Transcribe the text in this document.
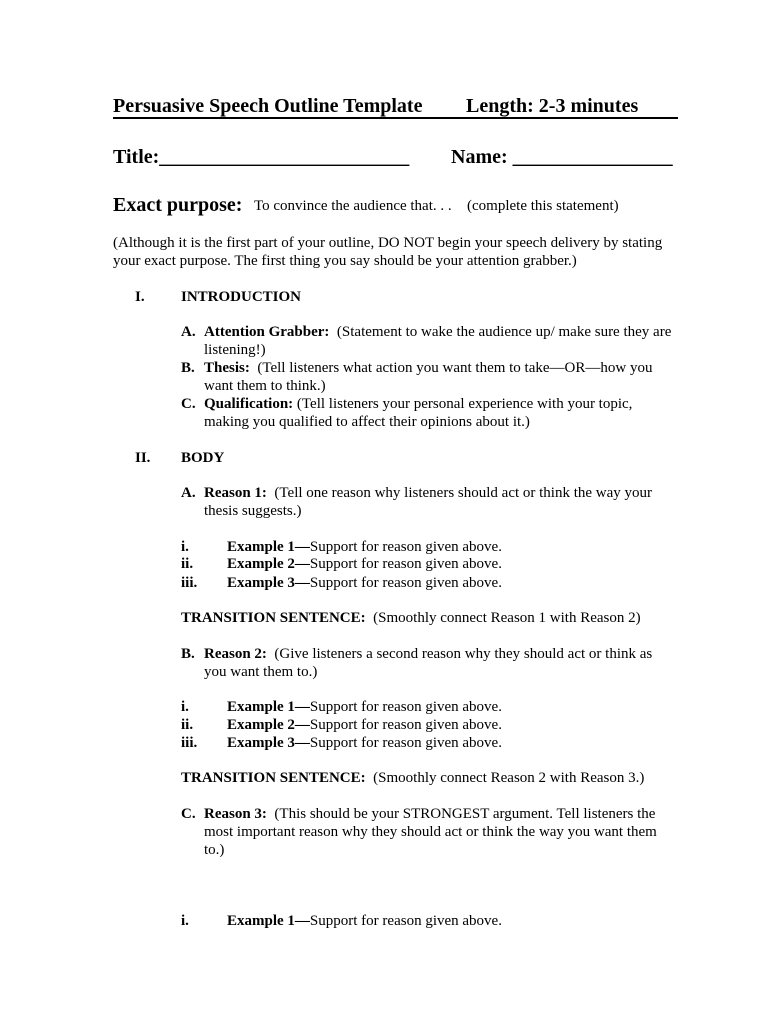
Persuasive Speech Outline Template Length: 2-3 minutes
Title:_________________________ Name: ________________
Exact purpose: To convince the audience that. . . (complete this statement)
(Although it is the first part of your outline, DO NOT begin your speech delivery by stating your exact purpose. The first thing you say should be your attention grabber.)
I. INTRODUCTION
A. Attention Grabber: (Statement to wake the audience up/ make sure they are listening!)
B. Thesis: (Tell listeners what action you want them to take—OR—how you want them to think.)
C. Qualification: (Tell listeners your personal experience with your topic, making you qualified to affect their opinions about it.)
II. BODY
A. Reason 1: (Tell one reason why listeners should act or think the way your thesis suggests.)
i.	Example 1—Support for reason given above.
ii. Example 2—Support for reason given above.
iii. Example 3—Support for reason given above.
TRANSITION SENTENCE: (Smoothly connect Reason 1 with Reason 2)
B. Reason 2: (Give listeners a second reason why they should act or think as you want them to.)
i.	Example 1—Support for reason given above.
ii. Example 2—Support for reason given above.
iii. Example 3—Support for reason given above.
TRANSITION SENTENCE: (Smoothly connect Reason 2 with Reason 3.)
C. Reason 3: (This should be your STRONGEST argument. Tell listeners the most important reason why they should act or think the way you want them to.)
i.	Example 1—Support for reason given above.
